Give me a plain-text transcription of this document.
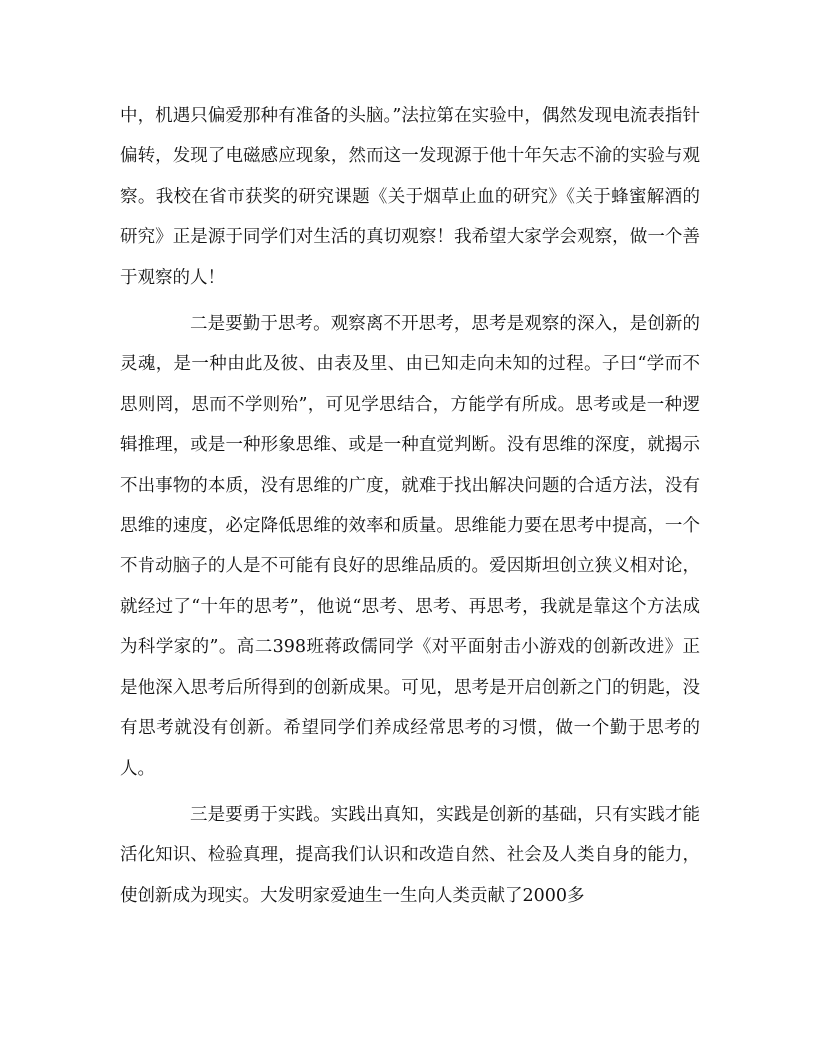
中，机遇只偏爱那种有准备的头脑。”法拉第在实验中，偶然发现电流表指针偏转，发现了电磁感应现象，然而这一发现源于他十年矢志不渝的实验与观察。我校在省市获奖的研究课题《关于烟草止血的研究》《关于蜂蜜解酒的研究》正是源于同学们对生活的真切观察！我希望大家学会观察，做一个善于观察的人！

二是要勤于思考。观察离不开思考，思考是观察的深入，是创新的灵魂，是一种由此及彼、由表及里、由已知走向未知的过程。子曰“学而不思则罔，思而不学则殆”，可见学思结合，方能学有所成。思考或是一种逻辑推理，或是一种形象思维、或是一种直觉判断。没有思维的深度，就揭示不出事物的本质，没有思维的广度，就难于找出解决问题的合适方法，没有思维的速度，必定降低思维的效率和质量。思维能力要在思考中提高，一个不肯动脑子的人是不可能有良好的思维品质的。爱因斯坦创立狭义相对论，就经过了“十年的思考”，他说“思考、思考、再思考，我就是靠这个方法成为科学家的”。高二398班蒋政儒同学《对平面射击小游戏的创新改进》正是他深入思考后所得到的创新成果。可见，思考是开启创新之门的钥匙，没有思考就没有创新。希望同学们养成经常思考的习惯，做一个勤于思考的人。

三是要勇于实践。实践出真知，实践是创新的基础，只有实践才能活化知识、检验真理，提高我们认识和改造自然、社会及人类自身的能力，使创新成为现实。大发明家爱迪生一生向人类贡献了2000多
